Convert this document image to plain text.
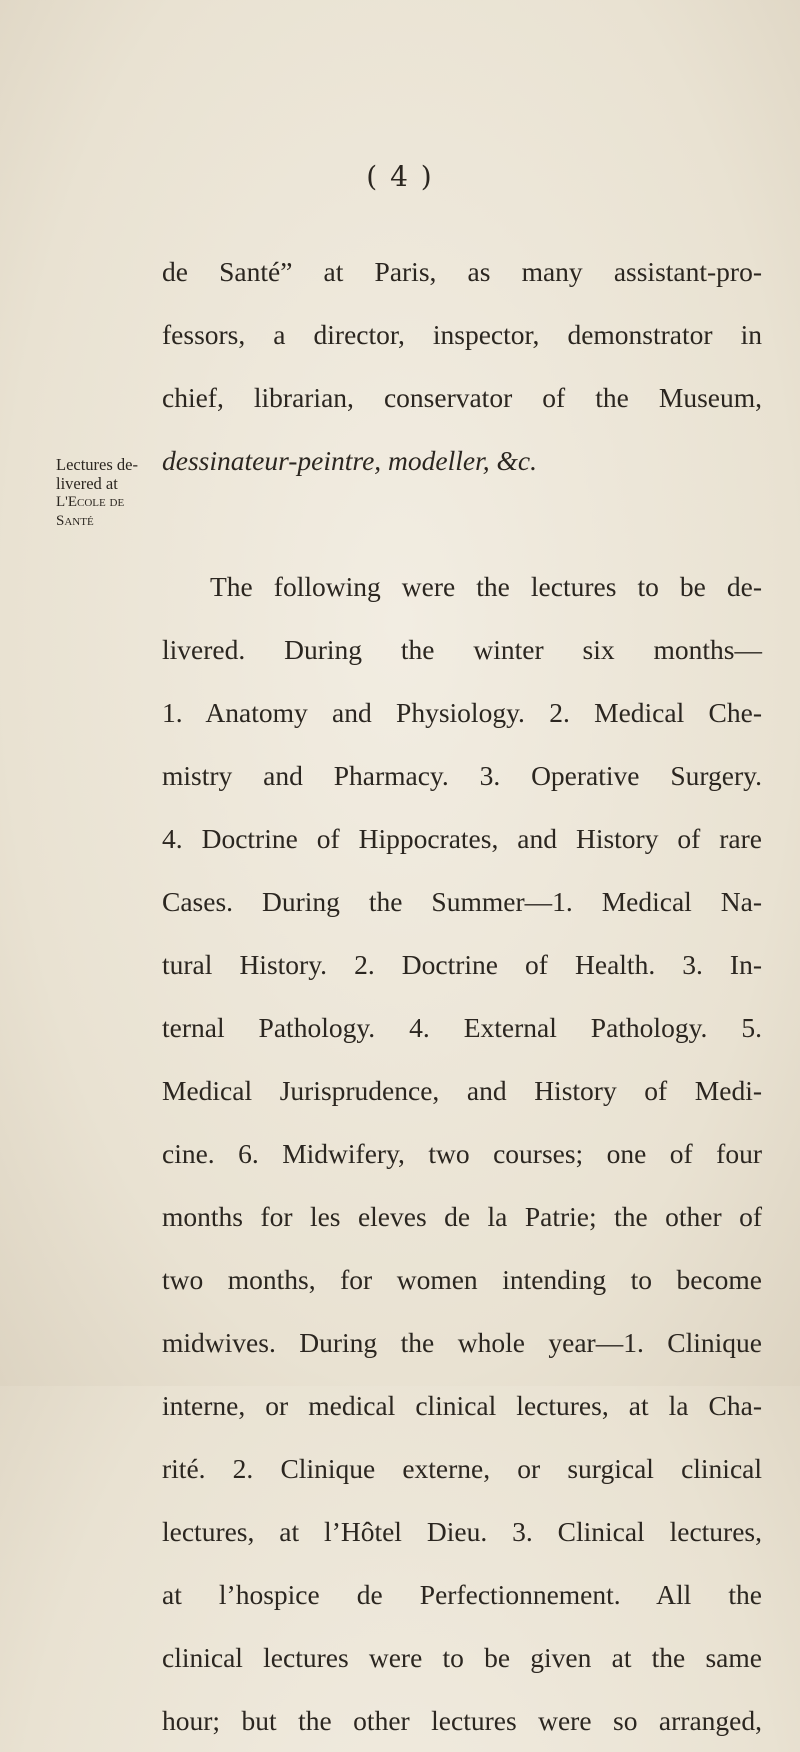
( 4 )
Lectures de-
livered at
L'Ecole de
Santé
de Santé” at Paris, as many assistant-pro-
fessors, a director, inspector, demonstrator in
chief, librarian, conservator of the Museum,
dessinateur-peintre, modeller, &c.
The following were the lectures to be de-
livered. During the winter six months—
1. Anatomy and Physiology. 2. Medical Che-
mistry and Pharmacy. 3. Operative Surgery.
4. Doctrine of Hippocrates, and History of rare
Cases. During the Summer—1. Medical Na-
tural History. 2. Doctrine of Health. 3. In-
ternal Pathology. 4. External Pathology. 5.
Medical Jurisprudence, and History of Medi-
cine. 6. Midwifery, two courses; one of four
months for les eleves de la Patrie; the other of
two months, for women intending to become
midwives. During the whole year—1. Clinique
interne, or medical clinical lectures, at la Cha-
rité. 2. Clinique externe, or surgical clinical
lectures, at l’Hôtel Dieu. 3. Clinical lectures,
at l’hospice de Perfectionnement. All the
clinical lectures were to be given at the same
hour; but the other lectures were so arranged,
